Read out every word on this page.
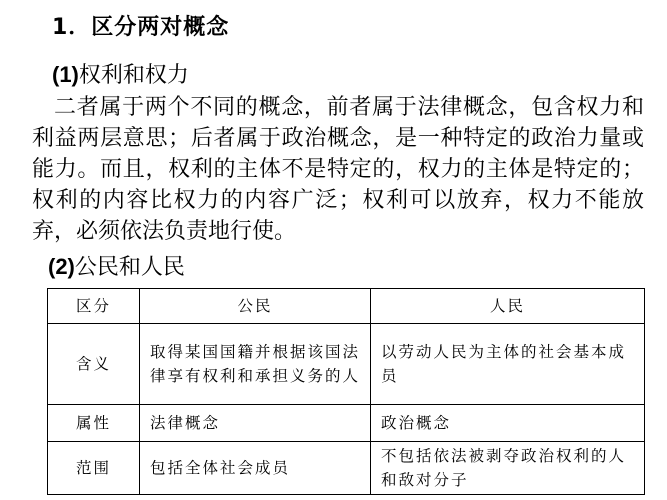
1．区分两对概念
(1)权利和权力

二者属于两个不同的概念，前者属于法律概念，包含权力和利益两层意思；后者属于政治概念，是一种特定的政治力量或能力。而且，权利的主体不是特定的，权力的主体是特定的；权利的内容比权力的内容广泛；权利可以放弃，权力不能放弃，必须依法负责地行使。

(2)公民和人民
区分	公民	人民
含义	取得某国国籍并根据该国法律享有权利和承担义务的人	以劳动人民为主体的社会基本成员
属性	法律概念	政治概念
范围	包括全体社会成员	不包括依法被剥夺政治权利的人和敌对分子
